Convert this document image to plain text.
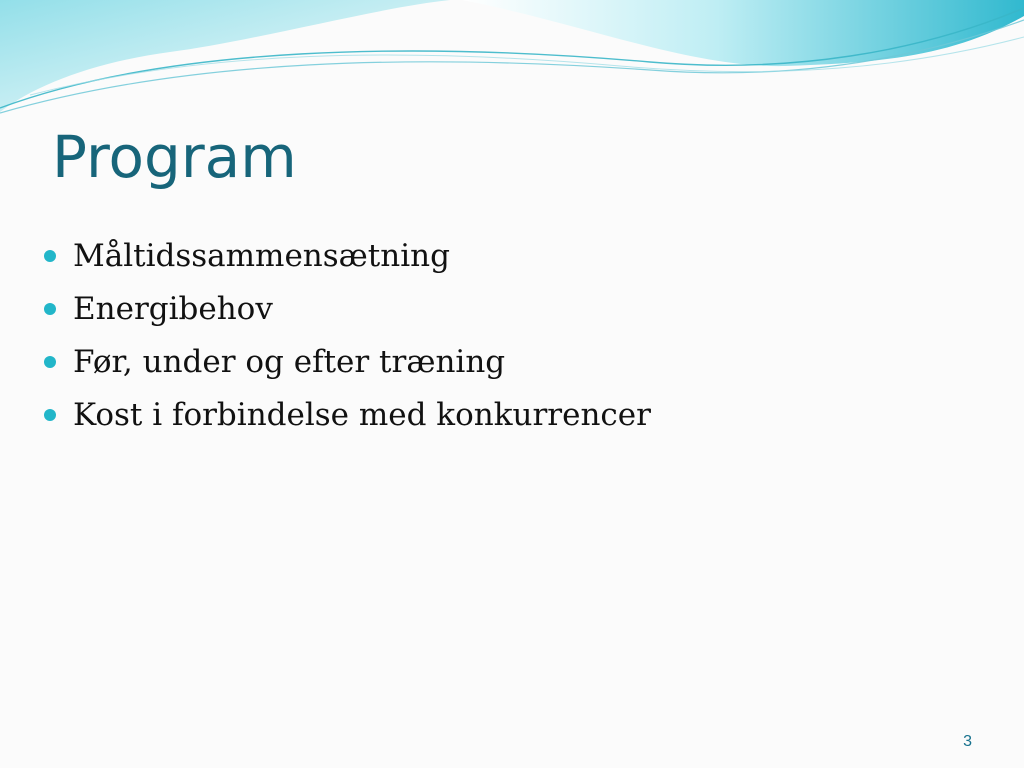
Program
Måltidssammensætning
Energibehov
Før, under og efter træning
Kost i forbindelse med konkurrencer
3
